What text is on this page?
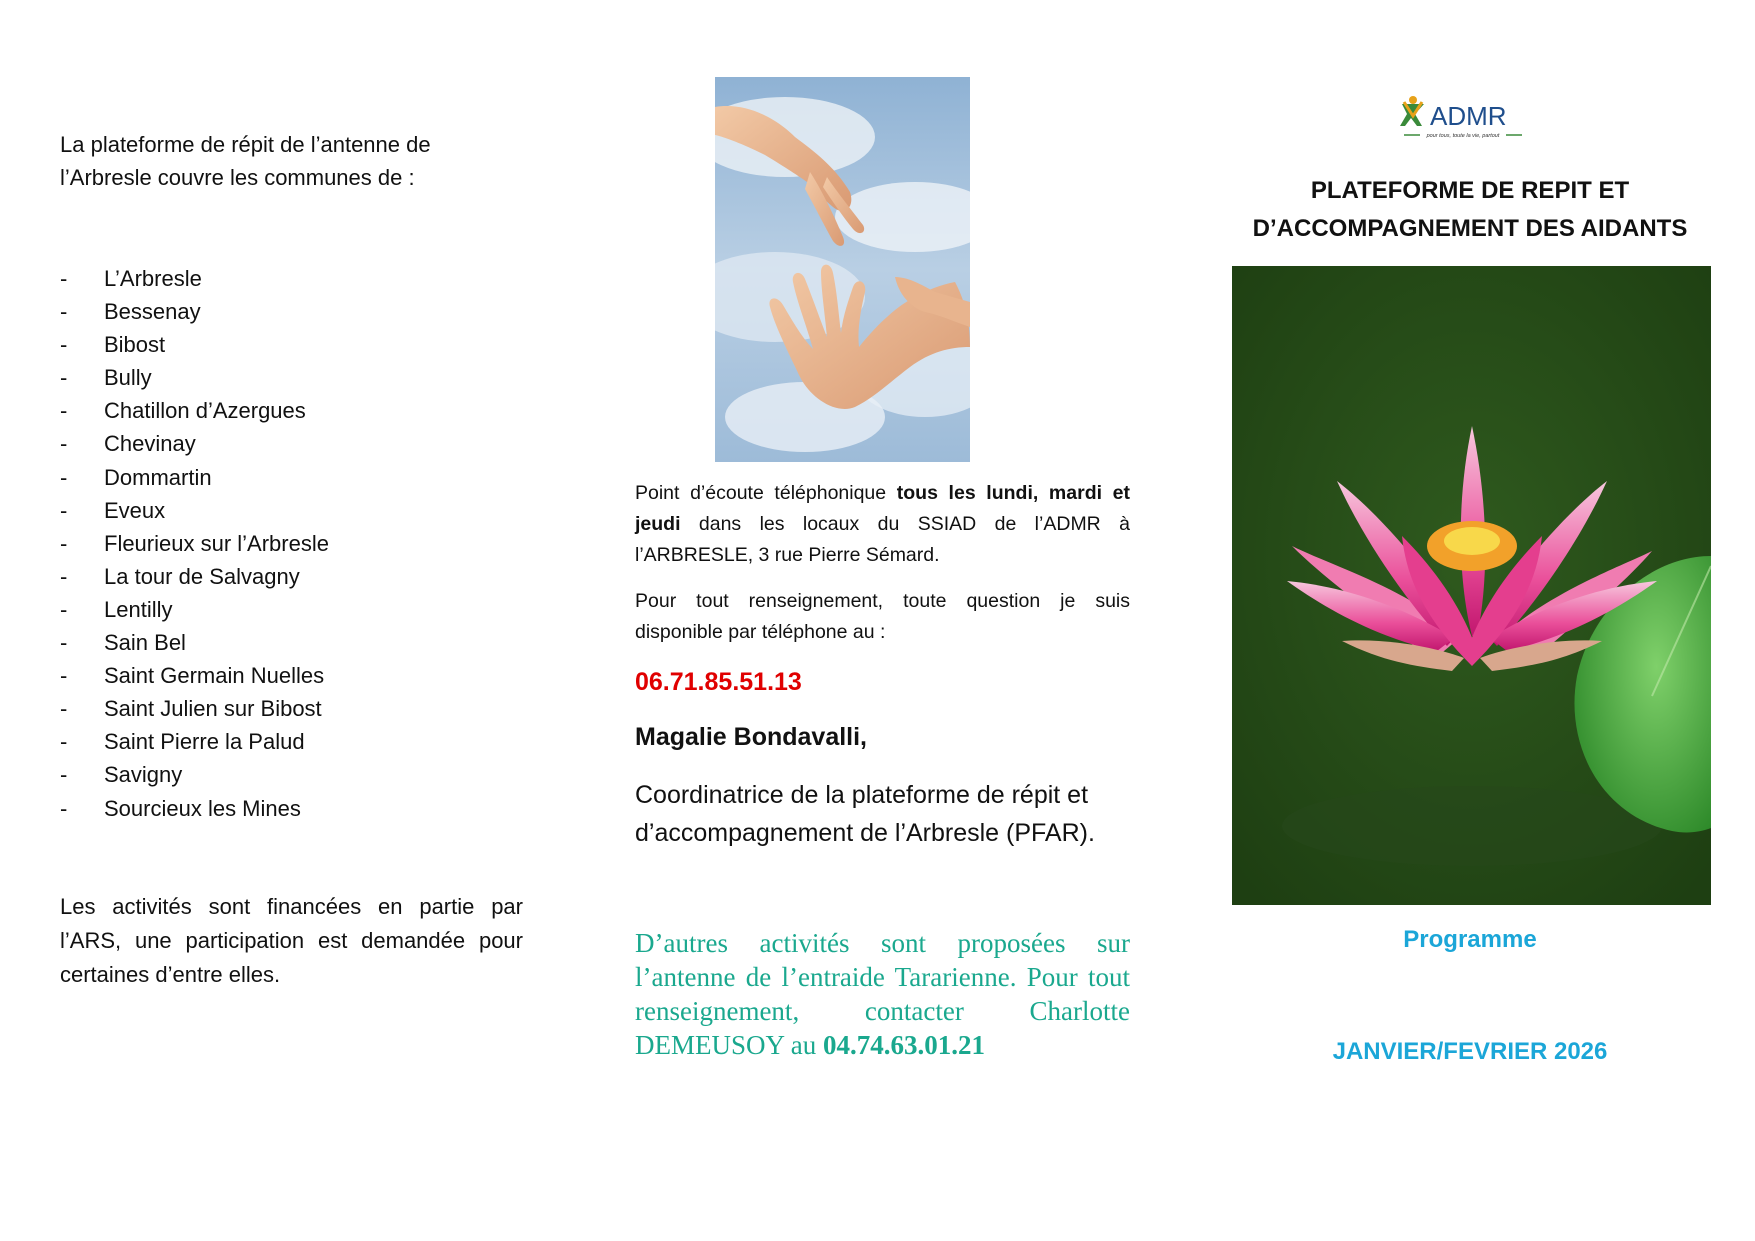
La plateforme de répit de l’antenne de
l’Arbresle couvre les communes de :
-	L’Arbresle
-	Bessenay
-	Bibost
-	Bully
-	Chatillon d’Azergues
-	Chevinay
-	Dommartin
-	Eveux
-	Fleurieux sur l’Arbresle
-	La tour de Salvagny
-	Lentilly
-	Sain Bel
-	Saint Germain Nuelles
-	Saint Julien sur Bibost
-	Saint Pierre la Palud
-	Savigny
-	Sourcieux les Mines
Les activités sont financées en partie par l’ARS, une participation est demandée pour certaines d’entre elles.
Point d’écoute téléphonique tous les lundi, mardi et jeudi dans les locaux du SSIAD de l’ADMR à l’ARBRESLE, 3 rue Pierre Sémard.
Pour tout renseignement, toute question je suis disponible par téléphone au :
06.71.85.51.13
Magalie Bondavalli,
Coordinatrice de la plateforme de répit et
d’accompagnement de l’Arbresle (PFAR).
D’autres activités sont proposées sur l’antenne de l’entraide Tararienne. Pour tout renseignement, contacter Charlotte DEMEUSOY au 04.74.63.01.21
ADMR
pour tous, toute la vie, partout
PLATEFORME DE REPIT ET
D’ACCOMPAGNEMENT DES AIDANTS
Programme
JANVIER/FEVRIER 2026
